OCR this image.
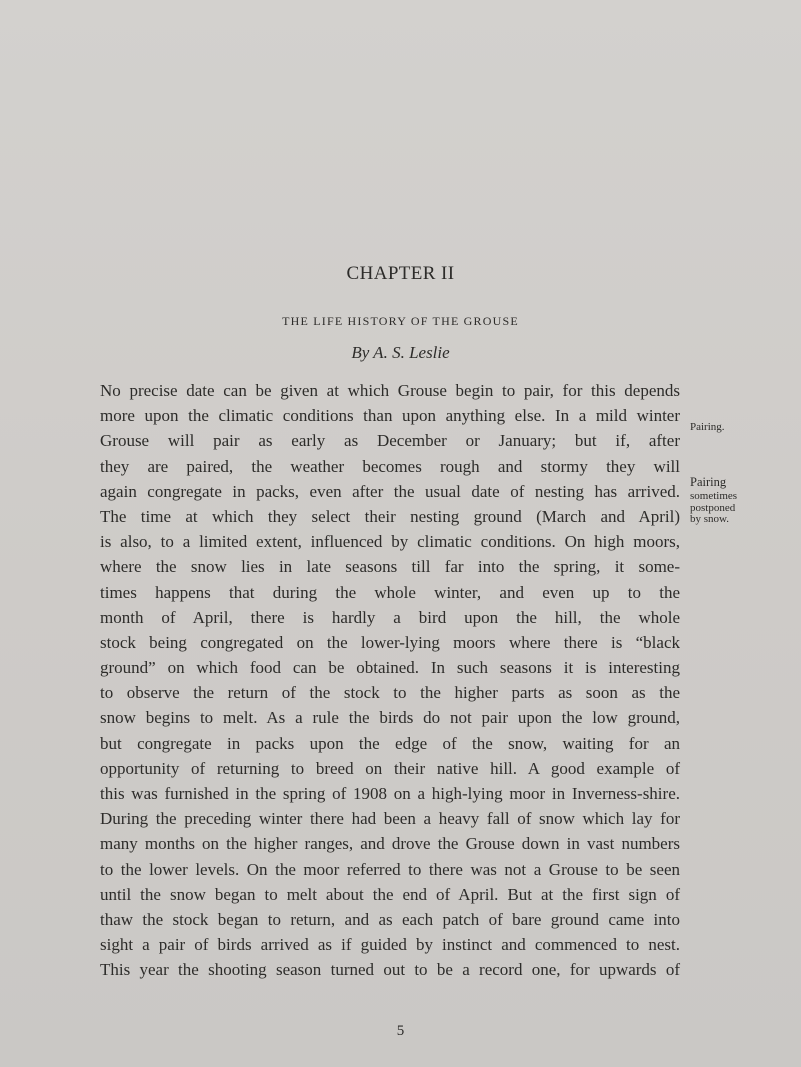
CHAPTER II
THE LIFE HISTORY OF THE GROUSE
By A. S. Leslie
No precise date can be given at which Grouse begin to pair, for this depends
more upon the climatic conditions than upon anything else. In a mild winter
Grouse will pair as early as December or January; but if, after
they are paired, the weather becomes rough and stormy they will
again congregate in packs, even after the usual date of nesting has arrived.
The time at which they select their nesting ground (March and April)
is also, to a limited extent, influenced by climatic conditions. On high moors,
where the snow lies in late seasons till far into the spring, it some-
times happens that during the whole winter, and even up to the
month of April, there is hardly a bird upon the hill, the whole
stock being congregated on the lower-lying moors where there is “black
ground” on which food can be obtained. In such seasons it is interesting
to observe the return of the stock to the higher parts as soon as the
snow begins to melt. As a rule the birds do not pair upon the low ground,
but congregate in packs upon the edge of the snow, waiting for an
opportunity of returning to breed on their native hill. A good example of
this was furnished in the spring of 1908 on a high-lying moor in Inverness-shire.
During the preceding winter there had been a heavy fall of snow which lay for
many months on the higher ranges, and drove the Grouse down in vast numbers
to the lower levels. On the moor referred to there was not a Grouse to be seen
until the snow began to melt about the end of April. But at the first sign of
thaw the stock began to return, and as each patch of bare ground came into
sight a pair of birds arrived as if guided by instinct and commenced to nest.
This year the shooting season turned out to be a record one, for upwards of
Pairing.
Pairing
sometimes
postponed
by snow.
5
